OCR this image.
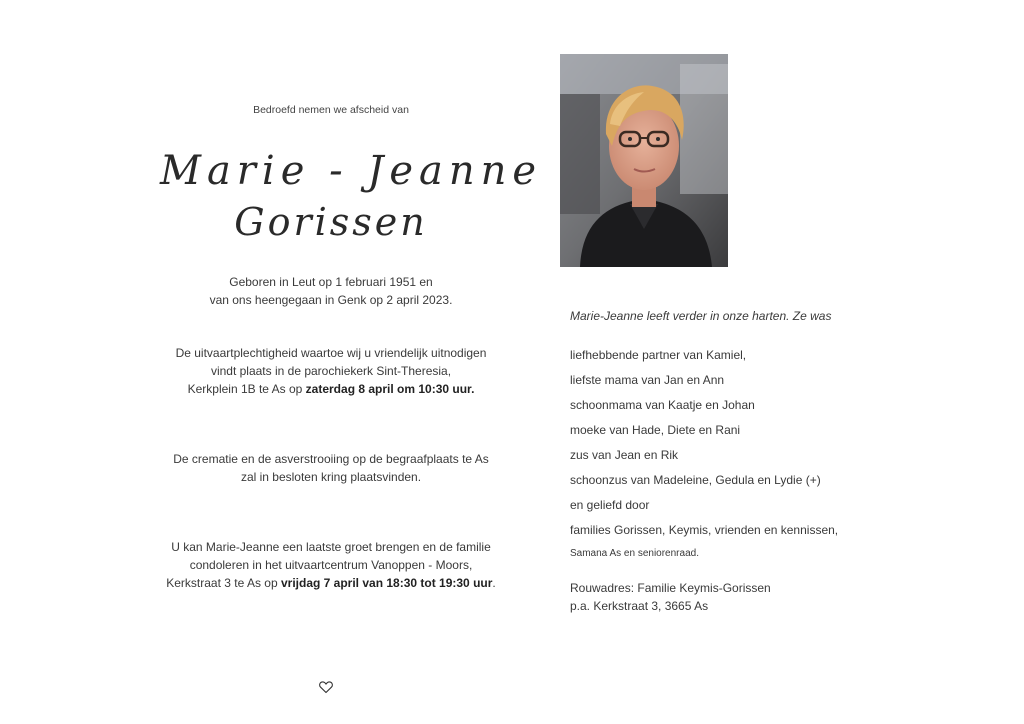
Bedroefd nemen we afscheid van
Marie - Jeanne
Gorissen
Geboren in Leut op 1 februari 1951 en
van ons heengegaan in Genk op 2 april 2023.
De uitvaartplechtigheid waartoe wij u vriendelijk uitnodigen
vindt plaats in de parochiekerk Sint-Theresia,
Kerkplein 1B te As op zaterdag 8 april om 10:30 uur.
De crematie en de asverstrooiing op de begraafplaats te As
zal in besloten kring plaatsvinden.
U kan Marie-Jeanne een laatste groet brengen en de familie
condoleren in het uitvaartcentrum Vanoppen - Moors,
Kerkstraat 3 te As op vrijdag 7 april van 18:30 tot 19:30 uur.
Marie-Jeanne leeft verder in onze harten. Ze was
liefhebbende partner van Kamiel,
liefste mama van Jan en Ann
schoonmama van Kaatje en Johan
moeke van Hade, Diete en Rani
zus van Jean en Rik
schoonzus van Madeleine, Gedula en Lydie (+)
en geliefd door
families Gorissen, Keymis, vrienden en kennissen,
Samana As en seniorenraad.
Rouwadres: Familie Keymis-Gorissen
p.a. Kerkstraat 3, 3665 As
